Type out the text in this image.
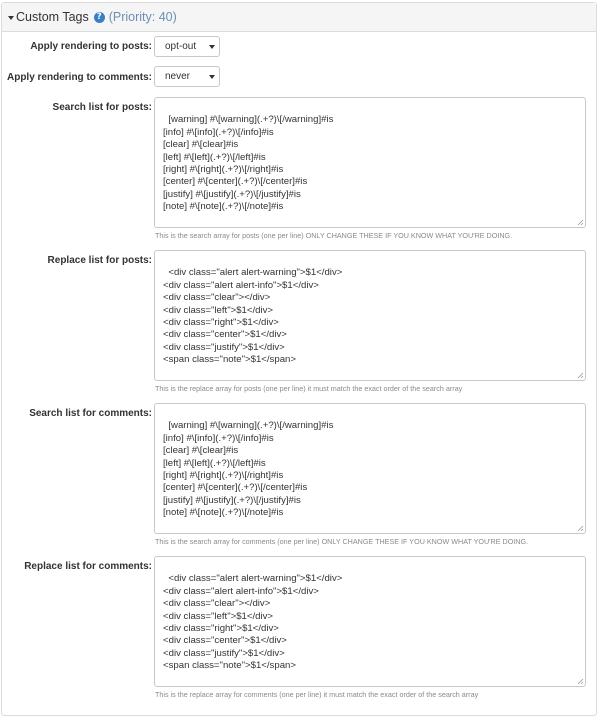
Custom Tags ? (Priority: 40)
Apply rendering to posts:	opt-out
Apply rendering to comments:	never
Search list for posts:

[warning] #\[warning](.+?)\[/warning]#is
[info] #\[info](.+?)\[/info]#is
[clear] #\[clear]#is
[left] #\[left](.+?)\[/left]#is
[right] #\[right](.+?)\[/right]#is
[center] #\[center](.+?)\[/center]#is
[justify] #\[justify](.+?)\[/justify]#is
[note] #\[note](.+?)\[/note]#is

This is the search array for posts (one per line) ONLY CHANGE THESE IF YOU KNOW WHAT YOU'RE DOING.
Replace list for posts:

<div class="alert alert-warning">$1</div>
<div class="alert alert-info">$1</div>
<div class="clear"></div>
<div class="left">$1</div>
<div class="right">$1</div>
<div class="center">$1</div>
<div class="justify">$1</div>
<span class="note">$1</span>

This is the replace array for posts (one per line) it must match the exact order of the search array
Search list for comments:

[warning] #\[warning](.+?)\[/warning]#is
[info] #\[info](.+?)\[/info]#is
[clear] #\[clear]#is
[left] #\[left](.+?)\[/left]#is
[right] #\[right](.+?)\[/right]#is
[center] #\[center](.+?)\[/center]#is
[justify] #\[justify](.+?)\[/justify]#is
[note] #\[note](.+?)\[/note]#is

This is the search array for comments (one per line) ONLY CHANGE THESE IF YOU KNOW WHAT YOU'RE DOING.
Replace list for comments:

<div class="alert alert-warning">$1</div>
<div class="alert alert-info">$1</div>
<div class="clear"></div>
<div class="left">$1</div>
<div class="right">$1</div>
<div class="center">$1</div>
<div class="justify">$1</div>
<span class="note">$1</span>

This is the replace array for comments (one per line) it must match the exact order of the search array
